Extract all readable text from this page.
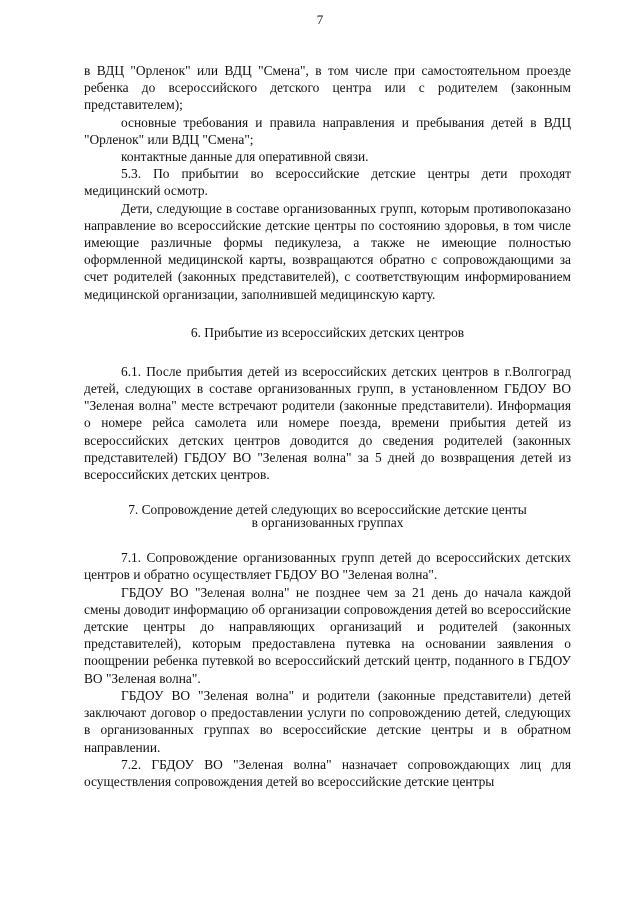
7

в ВДЦ "Орленок" или ВДЦ "Смена", в том числе при самостоятельном проезде ребенка до всероссийского детского центра или с родителем (законным представителем);

основные требования и правила направления и пребывания детей в ВДЦ "Орленок" или ВДЦ "Смена";

контактные данные для оперативной связи.

5.3. По прибытии во всероссийские детские центры дети проходят медицинский осмотр.

Дети, следующие в составе организованных групп, которым противопоказано направление во всероссийские детские центры по состоянию здоровья, в том числе имеющие различные формы педикулеза, а также не имеющие полностью оформленной медицинской карты, возвращаются обратно с сопровождающими за счет родителей (законных представителей), с соответствующим информированием медицинской организации, заполнившей медицинскую карту.

6. Прибытие из всероссийских детских центров

6.1. После прибытия детей из всероссийских детских центров в г.Волгоград детей, следующих в составе организованных групп, в установленном ГБДОУ ВО "Зеленая волна" месте встречают родители (законные представители). Информация о номере рейса самолета или номере поезда, времени прибытия детей из всероссийских детских центров доводится до сведения родителей (законных представителей) ГБДОУ ВО "Зеленая волна" за 5 дней до возвращения детей из всероссийских детских центров.

7. Сопровождение детей следующих во всероссийские детские центы
в организованных группах

7.1. Сопровождение организованных групп детей до всероссийских детских центров и обратно осуществляет ГБДОУ ВО "Зеленая волна".

ГБДОУ ВО "Зеленая волна" не позднее чем за 21 день до начала каждой смены доводит информацию об организации сопровождения детей во всероссийские детские центры до направляющих организаций и родителей (законных представителей), которым предоставлена путевка на основании заявления о поощрении ребенка путевкой во всероссийский детский центр, поданного в ГБДОУ ВО "Зеленая волна".

ГБДОУ ВО "Зеленая волна" и родители (законные представители) детей заключают договор о предоставлении услуги по сопровождению детей, следующих в организованных группах во всероссийские детские центры и в обратном направлении.

7.2. ГБДОУ ВО "Зеленая волна" назначает сопровождающих лиц для осуществления сопровождения детей во всероссийские детские центры
